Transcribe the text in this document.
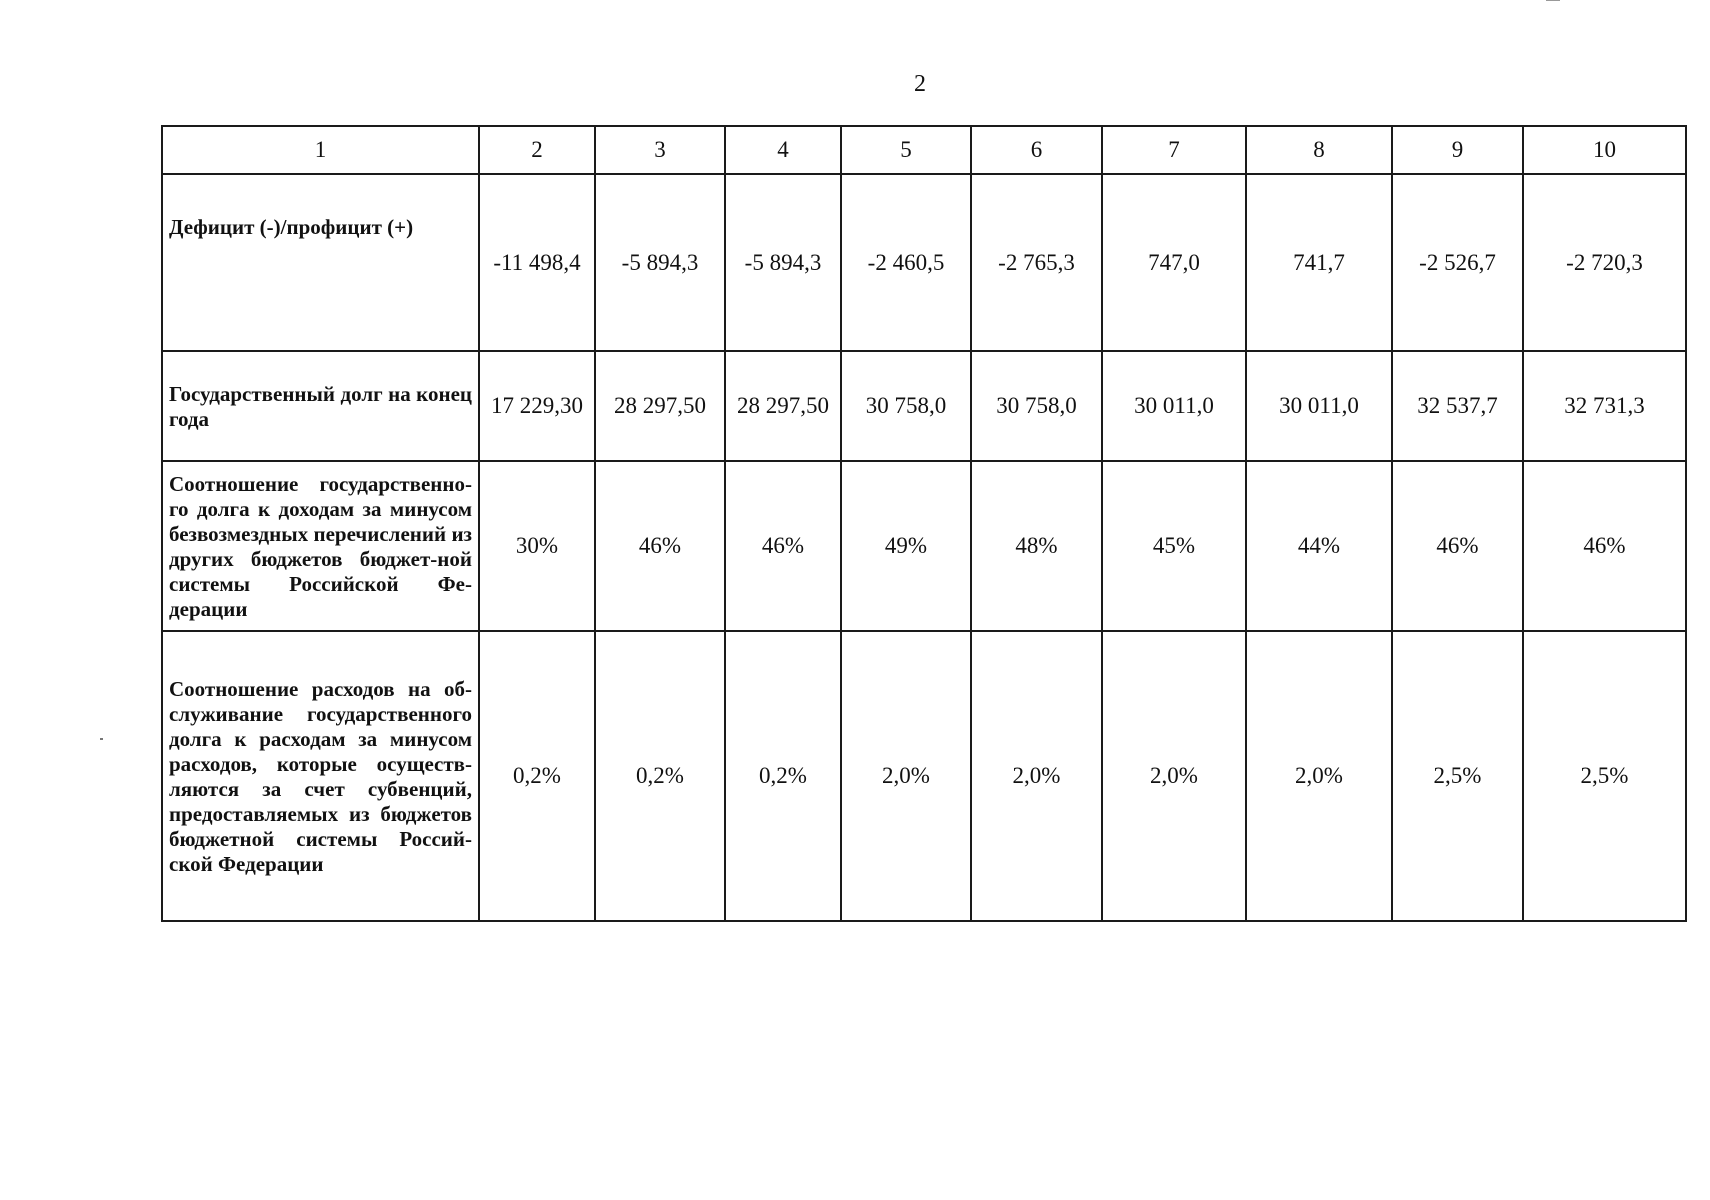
2
1	2	3	4	5	6	7	8	9	10
Дефицит (-)/профицит (+)	-11 498,4	-5 894,3	-5 894,3	-2 460,5	-2 765,3	747,0	741,7	-2 526,7	-2 720,3
Государственный долг на конец года	17 229,30	28 297,50	28 297,50	30 758,0	30 758,0	30 011,0	30 011,0	32 537,7	32 731,3
Соотношение государственно-го долга к доходам за минусом безвозмездных перечислений из других бюджетов бюджет-ной системы Российской Фе-дерации	30%	46%	46%	49%	48%	45%	44%	46%	46%
Соотношение расходов на об-служивание государственного долга к расходам за минусом расходов, которые осуществ-ляются за счет субвенций, предоставляемых из бюджетов бюджетной системы Россий-ской Федерации	0,2%	0,2%	0,2%	2,0%	2,0%	2,0%	2,0%	2,5%	2,5%
